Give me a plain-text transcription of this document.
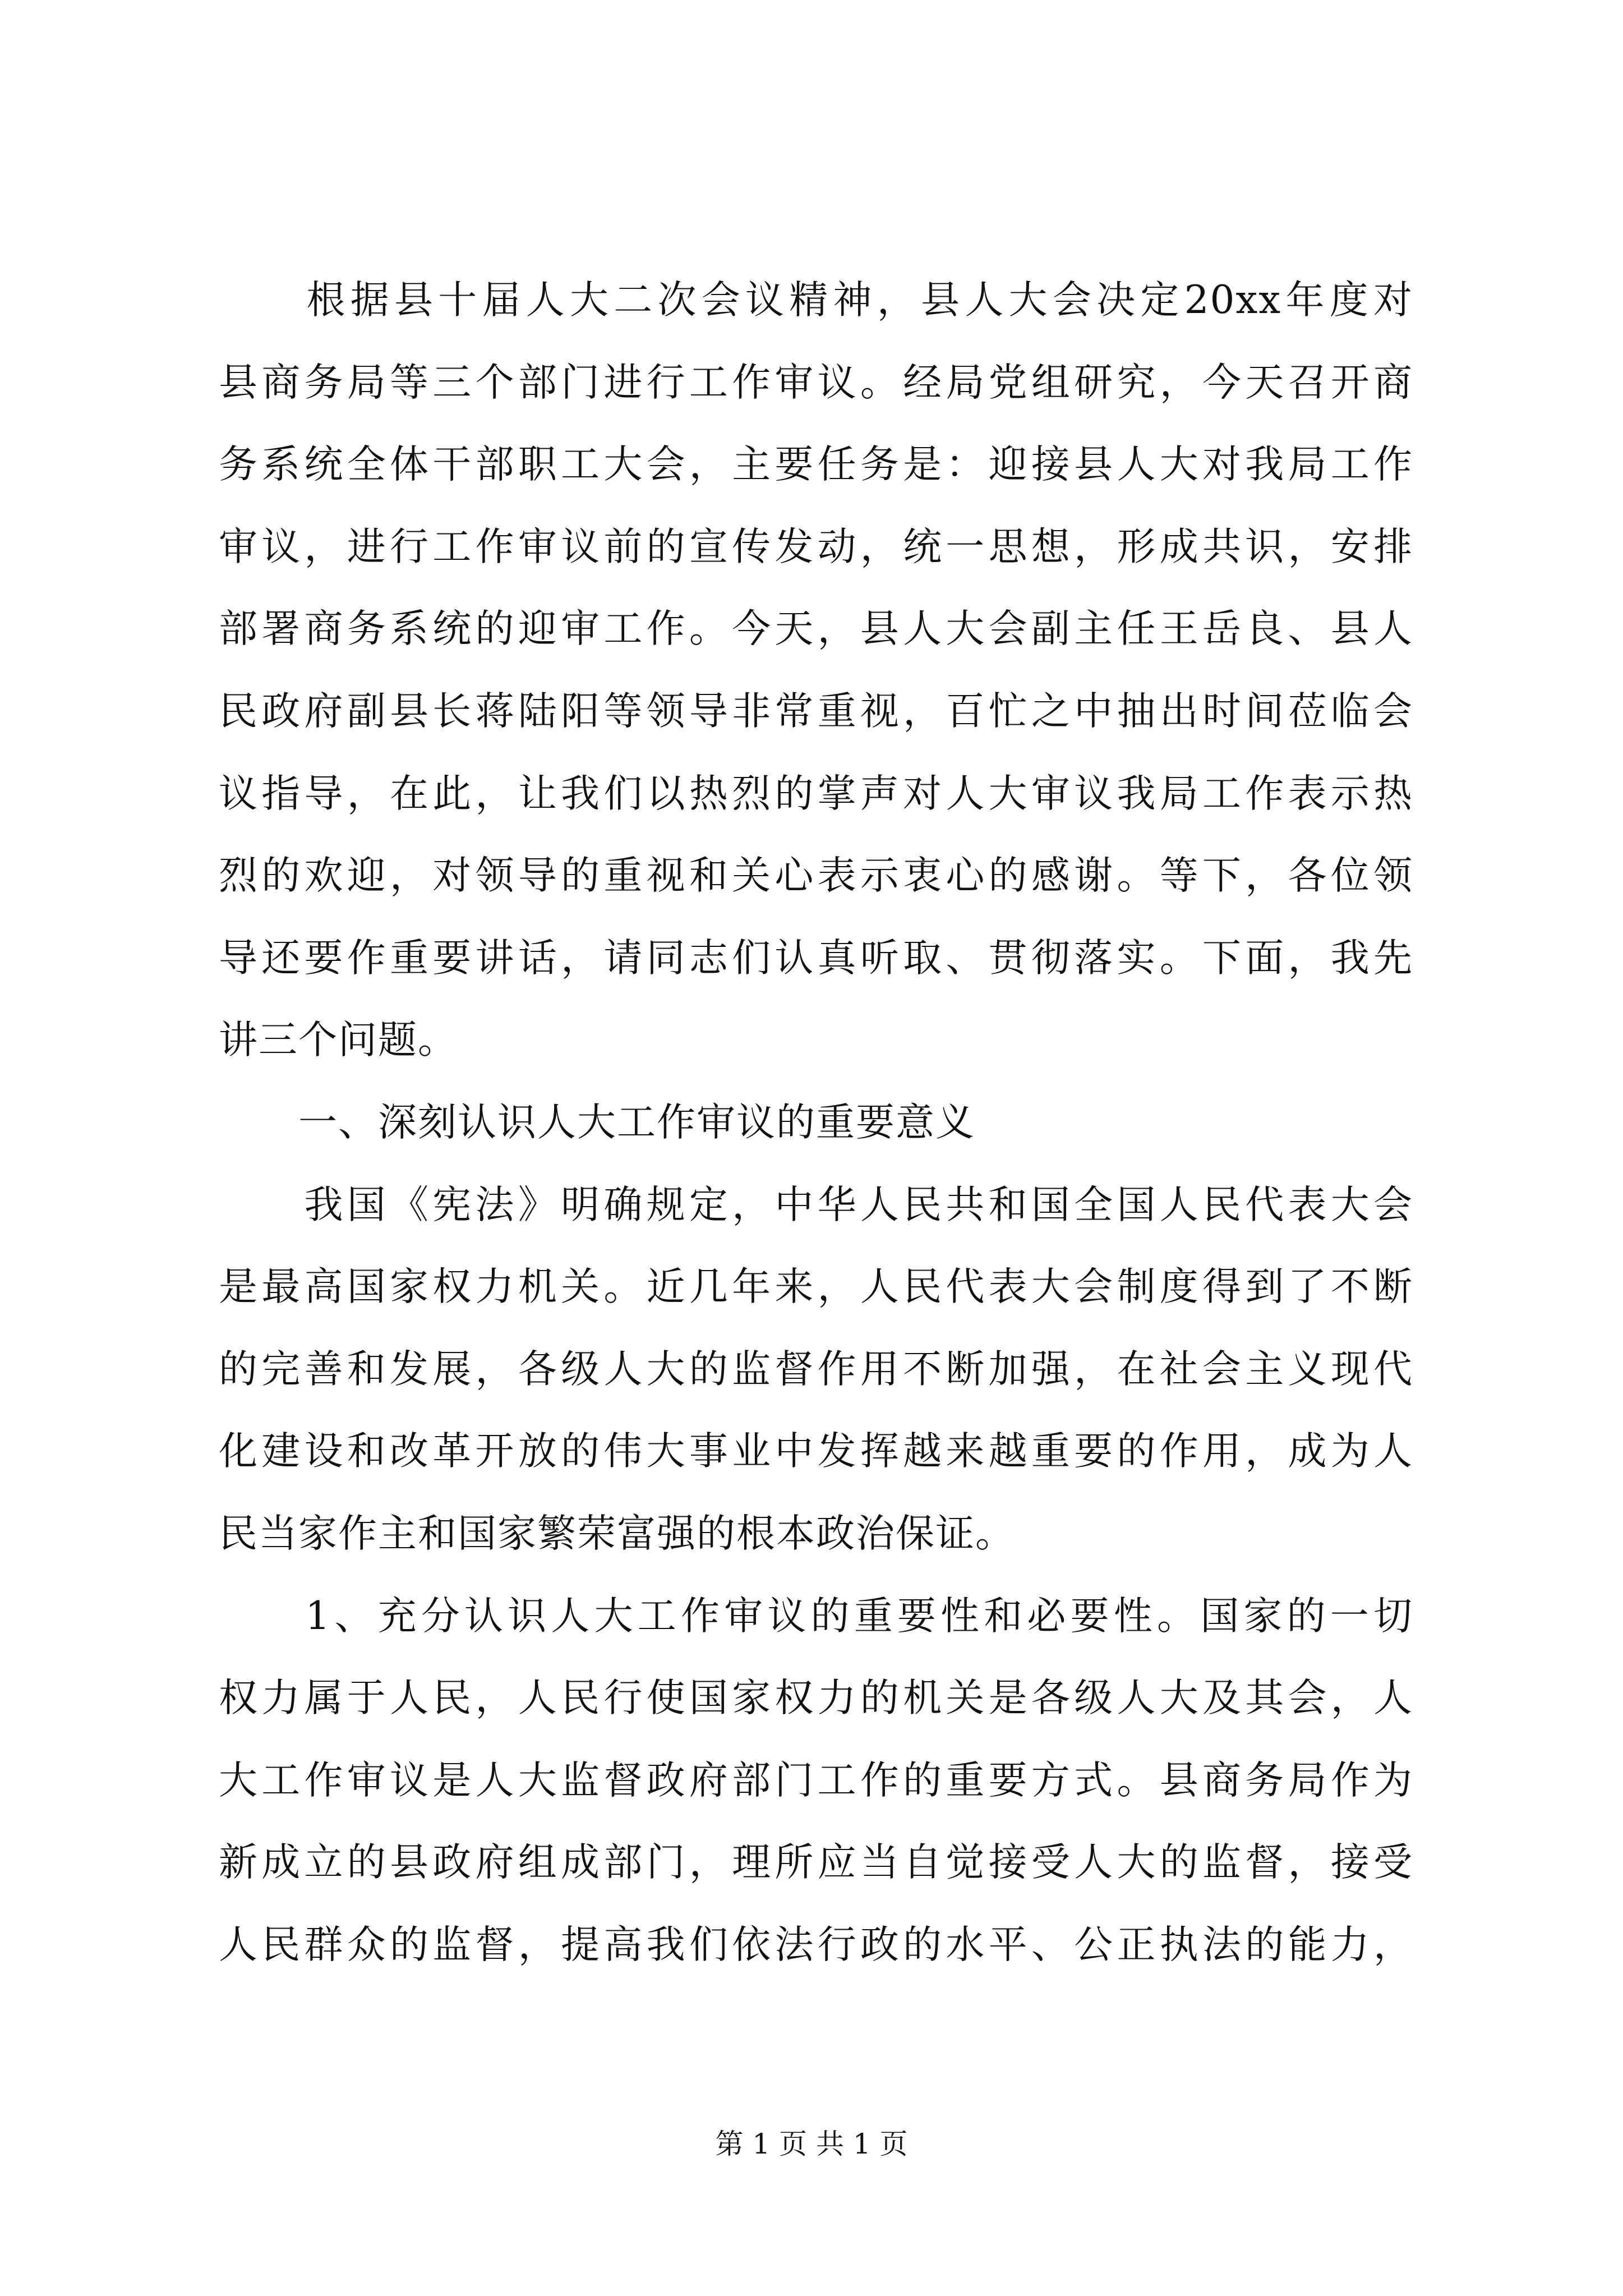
　　根据县十届人大二次会议精神，县人大会决定20xx年度对
县商务局等三个部门进行工作审议。经局党组研究，今天召开商
务系统全体干部职工大会，主要任务是：迎接县人大对我局工作
审议，进行工作审议前的宣传发动，统一思想，形成共识，安排
部署商务系统的迎审工作。今天，县人大会副主任王岳良、县人
民政府副县长蒋陆阳等领导非常重视，百忙之中抽出时间莅临会
议指导，在此，让我们以热烈的掌声对人大审议我局工作表示热
烈的欢迎，对领导的重视和关心表示衷心的感谢。等下，各位领
导还要作重要讲话，请同志们认真听取、贯彻落实。下面，我先
讲三个问题。
　　一、深刻认识人大工作审议的重要意义
　　我国《宪法》明确规定，中华人民共和国全国人民代表大会
是最高国家权力机关。近几年来，人民代表大会制度得到了不断
的完善和发展，各级人大的监督作用不断加强，在社会主义现代
化建设和改革开放的伟大事业中发挥越来越重要的作用，成为人
民当家作主和国家繁荣富强的根本政治保证。
　　1、充分认识人大工作审议的重要性和必要性。国家的一切
权力属于人民，人民行使国家权力的机关是各级人大及其会，人
大工作审议是人大监督政府部门工作的重要方式。县商务局作为
新成立的县政府组成部门，理所应当自觉接受人大的监督，接受
人民群众的监督，提高我们依法行政的水平、公正执法的能力，
第 1 页 共 1 页
